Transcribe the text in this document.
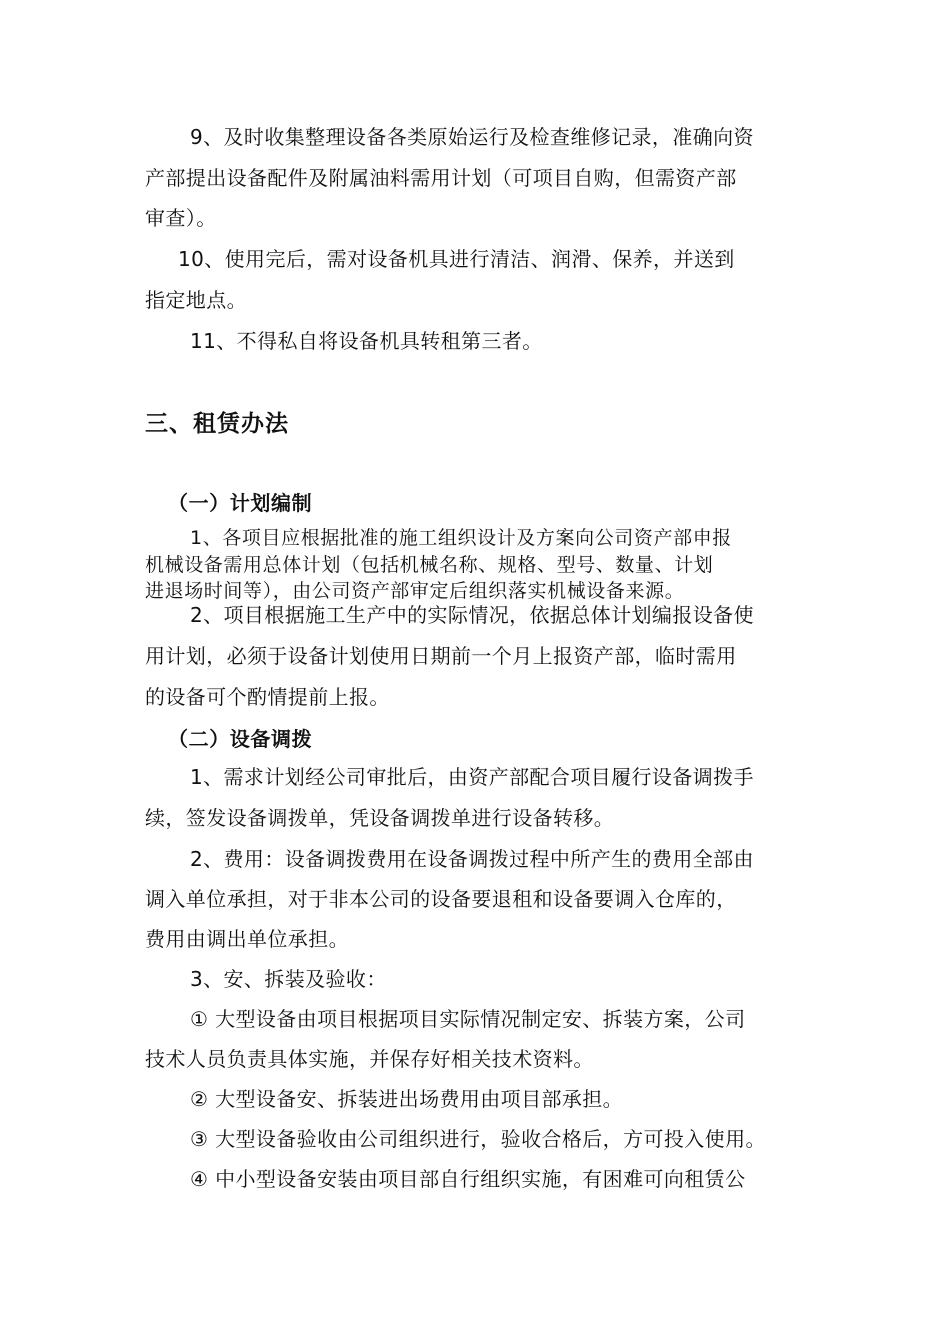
9、及时收集整理设备各类原始运行及检查维修记录，准确向资

产部提出设备配件及附属油料需用计划（可项目自购，但需资产部

审查）。

10、使用完后，需对设备机具进行清洁、润滑、保养，并送到

指定地点。

11、不得私自将设备机具转租第三者。

三、租赁办法
（一）计划编制

1、各项目应根据批准的施工组织设计及方案向公司资产部申报

机械设备需用总体计划（包括机械名称、规格、型号、数量、计划

进退场时间等），由公司资产部审定后组织落实机械设备来源。

2、项目根据施工生产中的实际情况，依据总体计划编报设备使

用计划，必须于设备计划使用日期前一个月上报资产部，临时需用

的设备可个酌情提前上报。

（二）设备调拨

1、需求计划经公司审批后，由资产部配合项目履行设备调拨手

续，签发设备调拨单，凭设备调拨单进行设备转移。

2、费用：设备调拨费用在设备调拨过程中所产生的费用全部由

调入单位承担，对于非本公司的设备要退租和设备要调入仓库的，

费用由调出单位承担。

3、安、拆装及验收：

① 大型设备由项目根据项目实际情况制定安、拆装方案，公司

技术人员负责具体实施，并保存好相关技术资料。

② 大型设备安、拆装进出场费用由项目部承担。

③ 大型设备验收由公司组织进行，验收合格后，方可投入使用。

④ 中小型设备安装由项目部自行组织实施，有困难可向租赁公
